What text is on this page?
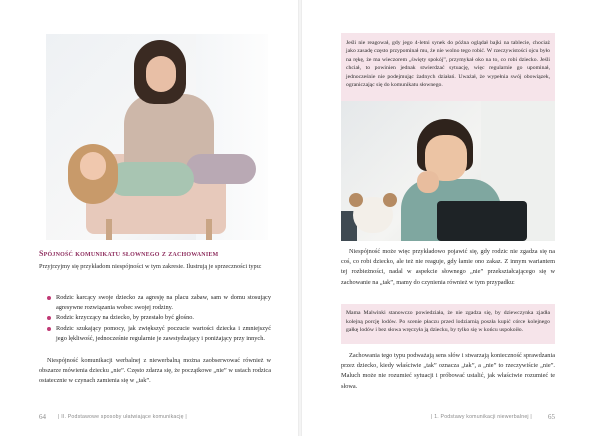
Spójność komunikatu słownego z zachowaniem
Przyjrzyjmy się przykładom niespójności w tym zakresie. Ilustrują je sprzeczności typu:
Rodzic karcący swoje dziecko za agresję na placu zabaw, sam w domu stosujący agresywne rozwiązania wobec swojej rodziny.
Rodzic krzyczący na dziecko, by przestało być głośno.
Rodzic szukający pomocy, jak zwiększyć poczucie wartości dziecka i zmniejszyć jego lękliwość, jednocześnie regularnie je zawstydzający i poniżający przy innych.
Niespójność komunikacji werbalnej z niewerbalną można zaobserwować również w obszarze mówienia dziecku „nie”. Często zdarza się, że początkowe „nie” w ustach rodzica ostatecznie w czynach zamienia się w „tak”.
64 | II. Podstawowe sposoby ułatwiające komunikację |
Jeśli nie reagował, gdy jego 4-letni synek do późna oglądał bajki na tablecie, chociaż jako zasadę często przypominał mu, że nie wolno tego robić. W rzeczywistości ojcu było na rękę, że ma wieczorem „święty spokój”, przymykał oko na to, co robi dziecko. Jeśli chciał, to powinien jednak stwierdzać sytuację, więc regularnie go upominał, jednocześnie nie podejmując żadnych działań. Uważał, że wypełnia swój obowiązek, ograniczając się do komunikatu słownego.
Niespójność może więc przykładowo pojawić się, gdy rodzic nie zgadza się na coś, co robi dziecko, ale też nie reaguje, gdy łamie ono zakaz. Z innym wariantem tej rozbieżności, nadal w aspekcie słownego „nie” przekształcającego się w zachowanie na „tak”, mamy do czynienia również w tym przypadku:
Mama Malwinki stanowczo powiedziała, że nie zgadza się, by dziewczynka zjadła kolejną porcję lodów. Po scenie płaczu przed lodziarnią poszła kupić córce kolejnego gałkę lodów i bez słowa wręczyła ją dziecku, by tylko się w końcu uspokoiło.
Zachowania tego typu podważają sens słów i stwarzają konieczność sprawdzania przez dziecko, kiedy właściwie „tak” oznacza „tak”, a „nie” to rzeczywiście „nie”. Maluch może nie rozumieć sytuacji i próbować ustalić, jak właściwie rozumieć te słowa.
| 1. Podstawy komunikacji niewerbalnej | 65
